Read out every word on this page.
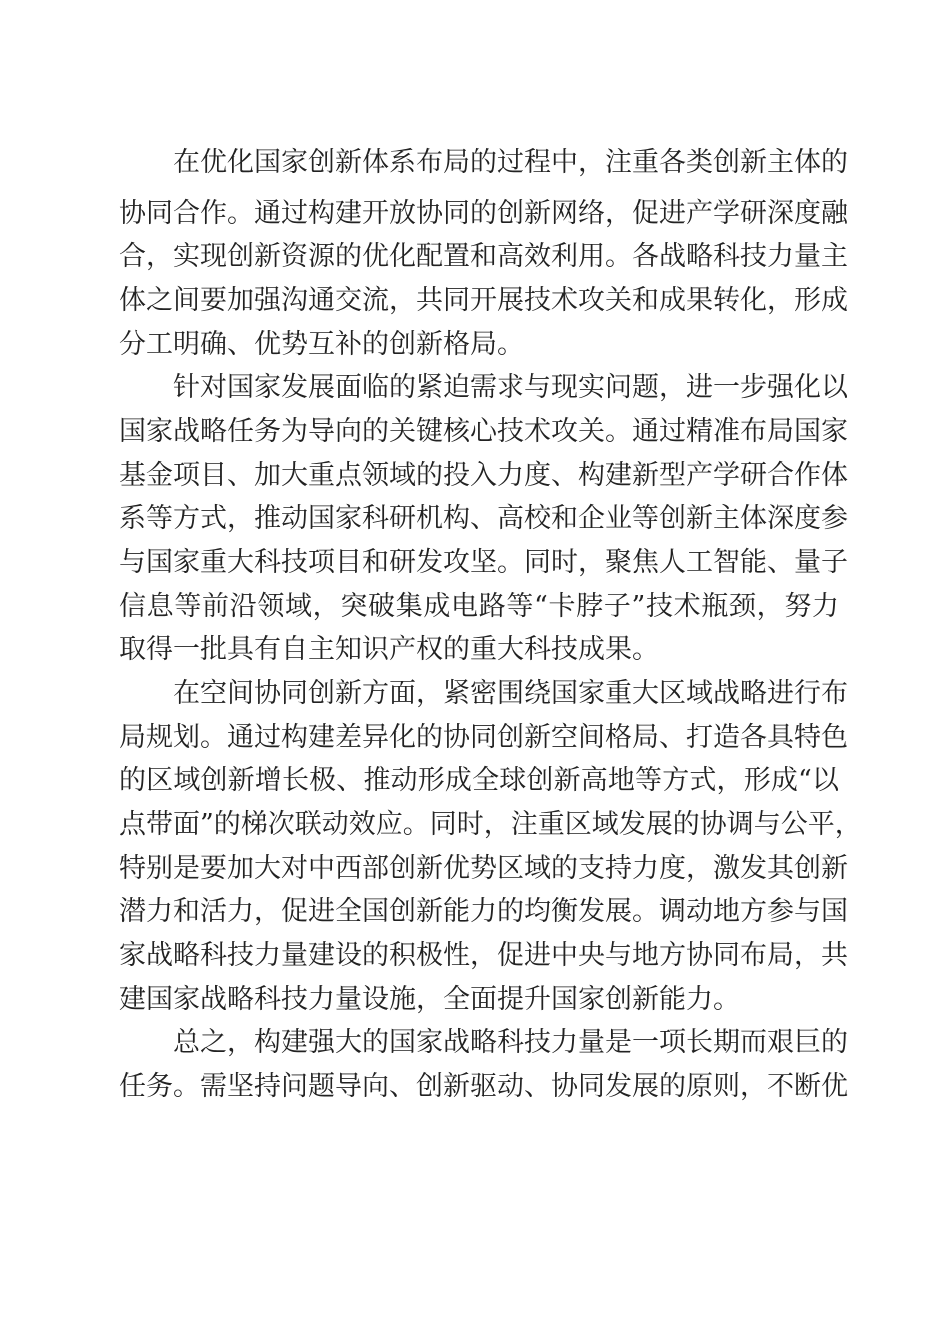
在优化国家创新体系布局的过程中，注重各类创新主体的
协同合作。通过构建开放协同的创新网络，促进产学研深度融
合，实现创新资源的优化配置和高效利用。各战略科技力量主
体之间要加强沟通交流，共同开展技术攻关和成果转化，形成
分工明确、优势互补的创新格局。
针对国家发展面临的紧迫需求与现实问题，进一步强化以
国家战略任务为导向的关键核心技术攻关。通过精准布局国家
基金项目、加大重点领域的投入力度、构建新型产学研合作体
系等方式，推动国家科研机构、高校和企业等创新主体深度参
与国家重大科技项目和研发攻坚。同时，聚焦人工智能、量子
信息等前沿领域，突破集成电路等“卡脖子”技术瓶颈，努力
取得一批具有自主知识产权的重大科技成果。
在空间协同创新方面，紧密围绕国家重大区域战略进行布
局规划。通过构建差异化的协同创新空间格局、打造各具特色
的区域创新增长极、推动形成全球创新高地等方式，形成“以
点带面”的梯次联动效应。同时，注重区域发展的协调与公平，
特别是要加大对中西部创新优势区域的支持力度，激发其创新
潜力和活力，促进全国创新能力的均衡发展。调动地方参与国
家战略科技力量建设的积极性，促进中央与地方协同布局，共
建国家战略科技力量设施，全面提升国家创新能力。
总之，构建强大的国家战略科技力量是一项长期而艰巨的
任务。需坚持问题导向、创新驱动、协同发展的原则，不断优
